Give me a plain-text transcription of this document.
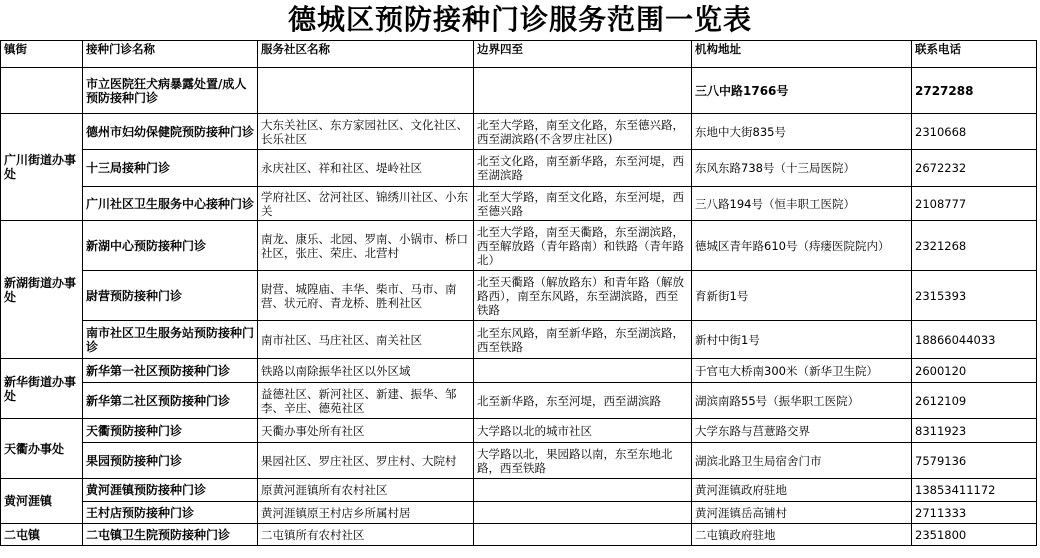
德城区预防接种门诊服务范围一览表
镇街	接种门诊名称	服务社区名称	边界四至	机构地址	联系电话
	市立医院狂犬病暴露处置/成人预防接种门诊			三八中路1766号	2727288
广川街道办事处	德州市妇幼保健院预防接种门诊	大东关社区、东方家园社区、文化社区、长乐社区	北至大学路，南至文化路，东至德兴路，西至湖滨路(不含罗庄社区)	东地中大街835号	2310668
	十三局接种门诊	永庆社区、祥和社区、堤岭社区	北至文化路，南至新华路，东至河堤，西至湖滨路	东风东路738号（十三局医院）	2672232
	广川社区卫生服务中心接种门诊	学府社区、岔河社区、锦绣川社区、小东关	北至大学路，南至文化路，东至河堤，西至德兴路	三八路194号（恒丰职工医院）	2108777
新湖街道办事处	新湖中心预防接种门诊	南龙、康乐、北园、罗南、小锅市、桥口社区，张庄、荣庄、北营村	北至大学路，南至天衢路，东至湖滨路，西至解放路（青年路南）和铁路（青年路北）	德城区青年路610号（痔瘘医院院内）	2321268
	尉营预防接种门诊	尉营、城隍庙、丰华、柴市、马市、南营、状元府、青龙桥、胜利社区	北至天衢路（解放路东）和青年路（解放路西），南至东风路，东至湖滨路，西至铁路	育新街1号	2315393
	南市社区卫生服务站预防接种门诊	南市社区、马庄社区、南关社区	北至东风路，南至新华路，东至湖滨路，西至铁路	新村中街1号	18866044033
新华街道办事处	新华第一社区预防接种门诊	铁路以南除振华社区以外区域		于官屯大桥南300米（新华卫生院）	2600120
	新华第二社区预防接种门诊	益德社区、新河社区、新建、振华、邹李、辛庄、德苑社区	北至新华路，东至河堤，西至湖滨路	湖滨南路55号（振华职工医院）	2612109
天衢办事处	天衢预防接种门诊	天衢办事处所有社区	大学路以北的城市社区	大学东路与莒薏路交界	8311923
	果园预防接种门诊	果园社区、罗庄社区、罗庄村、大院村	大学路以北，果园路以南，东至东地北路，西至铁路	湖滨北路卫生局宿舍门市	7579136
黄河涯镇	黄河涯镇预防接种门诊	原黄河涯镇所有农村社区		黄河涯镇政府驻地	13853411172
	王村店预防接种门诊	黄河涯镇原王村店乡所属村居		黄河涯镇岳高铺村	2711333
二屯镇	二屯镇卫生院预防接种门诊	二屯镇所有农村社区		二屯镇政府驻地	2351800
